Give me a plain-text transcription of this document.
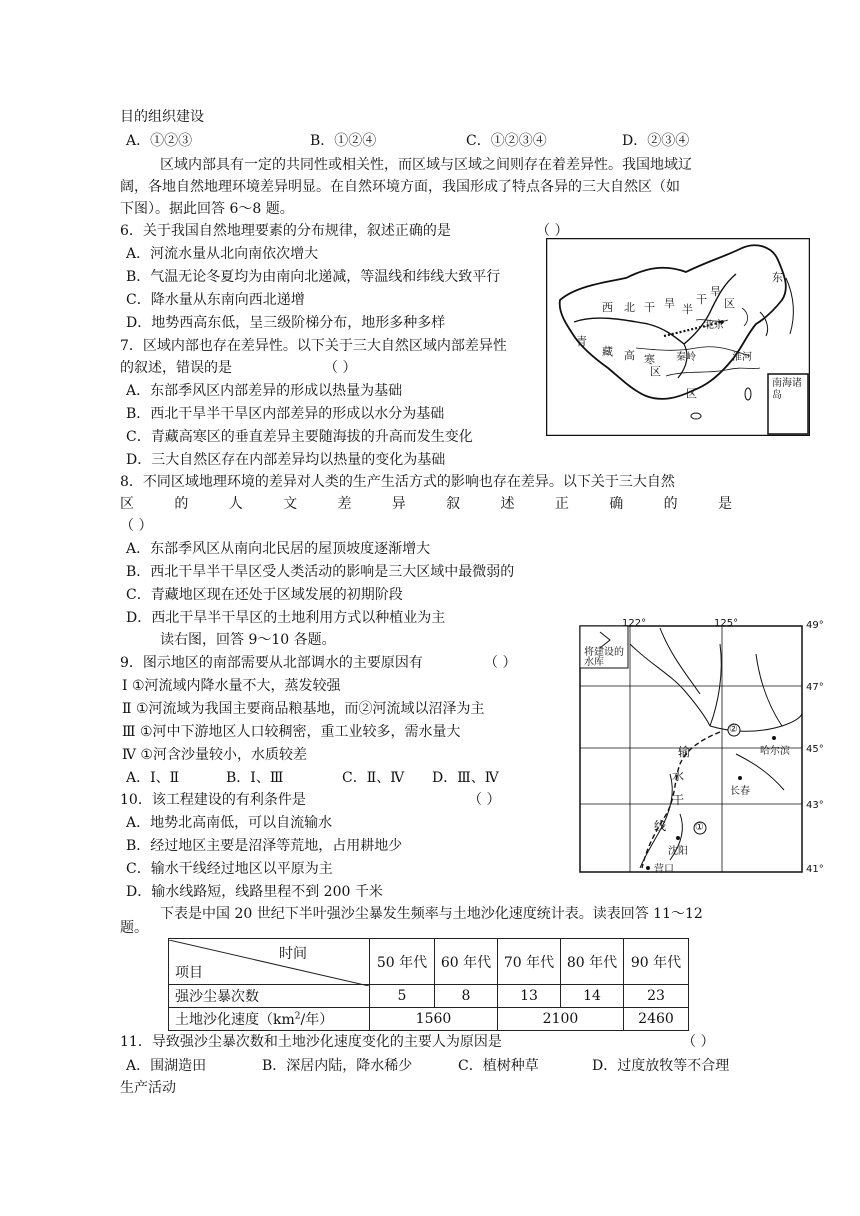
目的组织建设
A．①②③	B．①②④	C．①②③④	D．②③④
区域内部具有一定的共同性或相关性，而区域与区域之间则存在着差异性。我国地域辽
阔，各地自然地理环境差异明显。在自然环境方面，我国形成了特点各异的三大自然区（如
下图）。据此回答 6～8 题。
6．关于我国自然地理要素的分布规律，叙述正确的是	（ ）
A．河流水量从北向南依次增大
B．气温无论冬夏均为由南向北递减，等温线和纬线大致平行
C．降水量从东南向西北递增
D．地势西高东低，呈三级阶梯分布，地形多种多样
7．区域内部也存在差异性。以下关于三大自然区域内部差异性
的叙述，错误的是	（ ）
A．东部季风区内部差异的形成以热量为基础
B．西北干旱半干旱区内部差异的形成以水分为基础
C．青藏高寒区的垂直差异主要随海拔的升高而发生变化
D．三大自然区存在内部差异均以热量的变化为基础
8．不同区域地理环境的差异对人类的生产生活方式的影响也存在差异。以下关于三大自然
区	的	人	文	差	异	叙	述	正	确	的	是
（ ）
A．东部季风区从南向北民居的屋顶坡度逐渐增大
B．西北干旱半干旱区受人类活动的影响是三大区域中最微弱的
C．青藏地区现在还处于区域发展的初期阶段
D．西北干旱半干旱区的土地利用方式以种植业为主
读右图，回答 9～10 各题。
9．图示地区的南部需要从北部调水的主要原因有	（ ）
Ⅰ ①河流域内降水量不大，蒸发较强
Ⅱ ①河流域为我国主要商品粮基地，而②河流域以沼泽为主
Ⅲ ①河中下游地区人口较稠密，重工业较多，需水量大
Ⅳ ①河含沙量较小，水质较差
A．Ⅰ、Ⅱ	B．Ⅰ、Ⅲ	C．Ⅱ、Ⅳ D．Ⅲ、Ⅳ
10．该工程建设的有利条件是	（ ）
A．地势北高南低，可以自流输水
B．经过地区主要是沼泽等荒地，占用耕地少
C．输水干线经过地区以平原为主
D．输水线路短，线路里程不到 200 千米
下表是中国 20 世纪下半叶强沙尘暴发生频率与土地沙化速度统计表。读表回答 11～12
题。
时间
项目	50 年代	60 年代	70 年代	80 年代	90 年代
强沙尘暴次数	5	8	13	14	23
土地沙化速度（$km^2/$年）	1560		2100		2460
11．导致强沙尘暴次数和土地沙化速度变化的主要人为原因是	（ ）
A．围湖造田	B．深居内陆，降水稀少	C．植树种草	D．过度放牧等不合理
生产活动
西 北 干 旱 半
干
旱
区
东
青
藏 高 寒
区
区
北京
秦岭	淮河
南海诸岛
将建设的水库
122°	125°	49°
47°
45°
43°
41°
②
①
哈尔滨
长春
沈阳
营口
输
水
干
线
